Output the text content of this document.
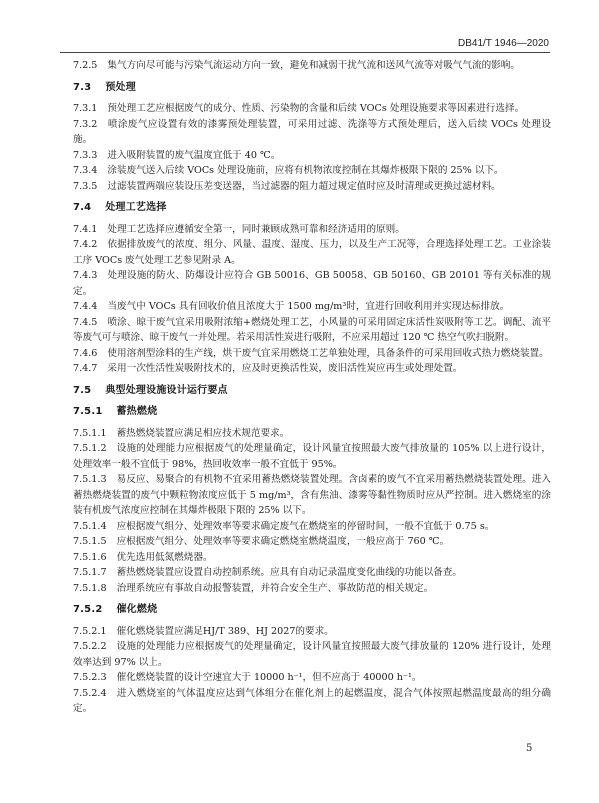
DB41/T 1946—2020

7.2.5 集气方向尽可能与污染气流运动方向一致，避免和减弱干扰气流和送风气流等对吸气气流的影响。

7.3 预处理

7.3.1 预处理工艺应根据废气的成分、性质、污染物的含量和后续 VOCs 处理设施要求等因素进行选择。

7.3.2 喷涂废气应设置有效的漆雾预处理装置，可采用过滤、洗涤等方式预处理后，送入后续 VOCs 处理设施。

7.3.3 进入吸附装置的废气温度宜低于 40 ℃。

7.3.4 涂装废气送入后续 VOCs 处理设施前，应将有机物浓度控制在其爆炸极限下限的 25% 以下。

7.3.5 过滤装置两端应装设压差变送器，当过滤器的阻力超过规定值时应及时清理或更换过滤材料。

7.4 处理工艺选择

7.4.1 处理工艺选择应遵循安全第一，同时兼顾成熟可靠和经济适用的原则。

7.4.2 依据排放废气的浓度、组分、风量、温度、湿度、压力，以及生产工况等，合理选择处理工艺。工业涂装工序 VOCs 废气处理工艺参见附录 A。

7.4.3 处理设施的防火、防爆设计应符合 GB 50016、GB 50058、GB 50160、GB 20101 等有关标准的规定。

7.4.4 当废气中 VOCs 具有回收价值且浓度大于 1500 mg/m³时，宜进行回收利用并实现达标排放。

7.4.5 喷涂、晾干废气宜采用吸附浓缩+燃烧处理工艺，小风量的可采用固定床活性炭吸附等工艺。调配、流平等废气可与喷涂、晾干废气一并处理。若采用活性炭进行吸附，不应采用超过 120 ℃ 热空气吹扫脱附。

7.4.6 使用溶剂型涂料的生产线，烘干废气宜采用燃烧工艺单独处理，具备条件的可采用回收式热力燃烧装置。

7.4.7 采用一次性活性炭吸附技术的，应及时更换活性炭，废旧活性炭应再生或处理处置。

7.5 典型处理设施设计运行要点

7.5.1 蓄热燃烧

7.5.1.1 蓄热燃烧装置应满足相应技术规范要求。

7.5.1.2 设施的处理能力应根据废气的处理量确定，设计风量宜按照最大废气排放量的 105% 以上进行设计，处理效率一般不宜低于 98%，热回收效率一般不宜低于 95%。

7.5.1.3 易反应、易聚合的有机物不宜采用蓄热燃烧装置处理。含卤素的废气不宜采用蓄热燃烧装置处理。进入蓄热燃烧装置的废气中颗粒物浓度应低于 5 mg/m³，含有焦油、漆雾等黏性物质时应从严控制。进入燃烧室的涂装有机废气浓度应控制在其爆炸极限下限的 25% 以下。

7.5.1.4 应根据废气组分、处理效率等要求确定废气在燃烧室的停留时间，一般不宜低于 0.75 s。

7.5.1.5 应根据废气组分、处理效率等要求确定燃烧室燃烧温度，一般应高于 760 ℃。

7.5.1.6 优先选用低氮燃烧器。

7.5.1.7 蓄热燃烧装置应设置自动控制系统。应具有自动记录温度变化曲线的功能以备查。

7.5.1.8 治理系统应有事故自动报警装置，并符合安全生产、事故防范的相关规定。

7.5.2 催化燃烧

7.5.2.1 催化燃烧装置应满足HJ/T 389、HJ 2027的要求。

7.5.2.2 设施的处理能力应根据废气的处理量确定，设计风量宜按照最大废气排放量的 120% 进行设计，处理效率达到 97% 以上。

7.5.2.3 催化燃烧装置的设计空速宜大于 10000 h⁻¹，但不应高于 40000 h⁻¹。

7.5.2.4 进入燃烧室的气体温度应达到气体组分在催化剂上的起燃温度，混合气体按照起燃温度最高的组分确定。

5
